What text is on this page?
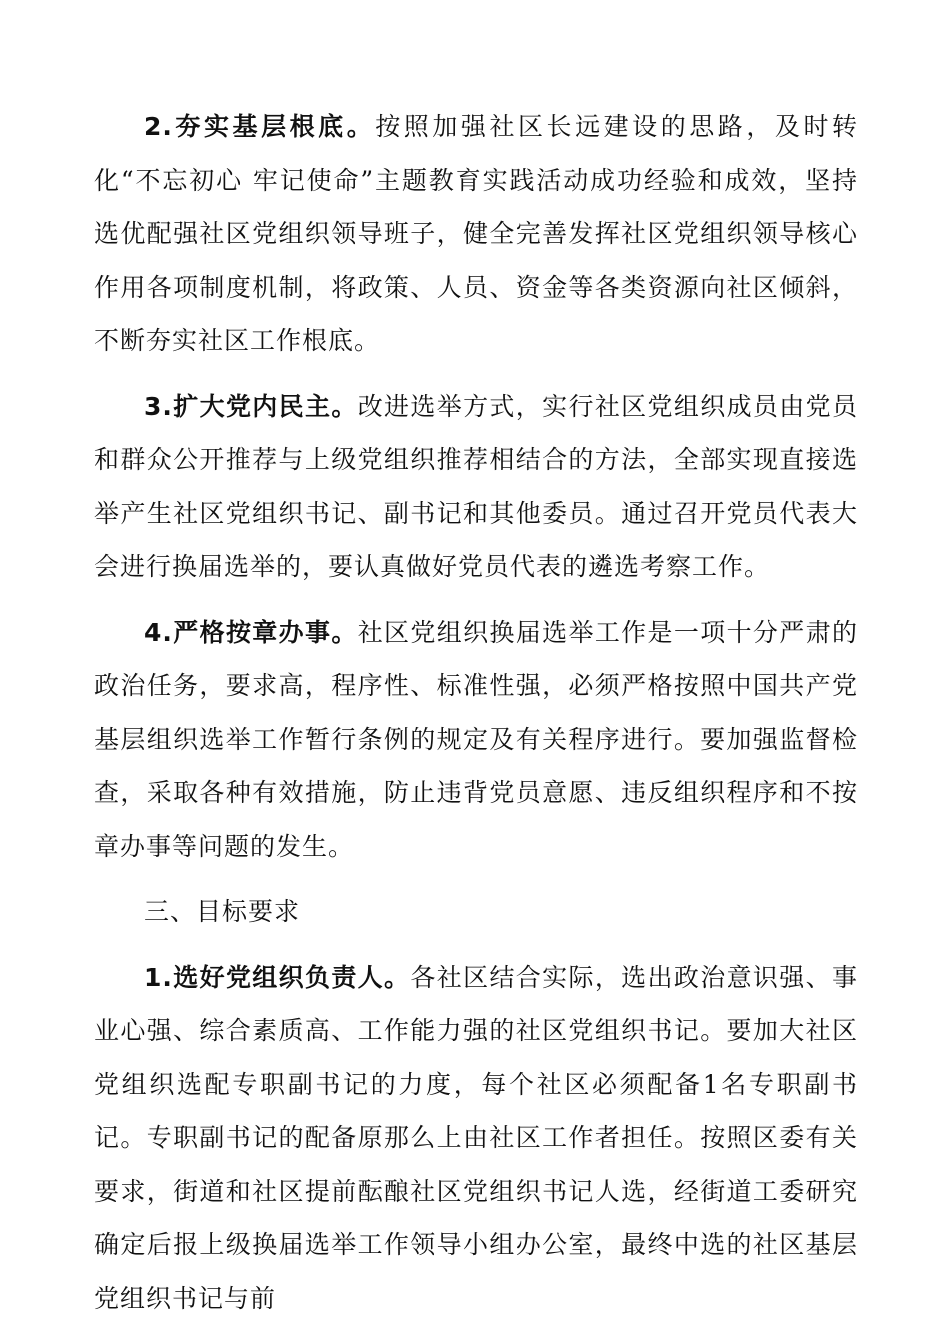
2.夯实基层根底。按照加强社区长远建设的思路，及时转化“不忘初心 牢记使命”主题教育实践活动成功经验和成效，坚持选优配强社区党组织领导班子，健全完善发挥社区党组织领导核心作用各项制度机制，将政策、人员、资金等各类资源向社区倾斜，不断夯实社区工作根底。

3.扩大党内民主。改进选举方式，实行社区党组织成员由党员和群众公开推荐与上级党组织推荐相结合的方法，全部实现直接选举产生社区党组织书记、副书记和其他委员。通过召开党员代表大会进行换届选举的，要认真做好党员代表的遴选考察工作。

4.严格按章办事。社区党组织换届选举工作是一项十分严肃的政治任务，要求高，程序性、标准性强，必须严格按照中国共产党基层组织选举工作暂行条例的规定及有关程序进行。要加强监督检查，采取各种有效措施，防止违背党员意愿、违反组织程序和不按章办事等问题的发生。

三、目标要求

1.选好党组织负责人。各社区结合实际，选出政治意识强、事业心强、综合素质高、工作能力强的社区党组织书记。要加大社区党组织选配专职副书记的力度，每个社区必须配备1名专职副书记。专职副书记的配备原那么上由社区工作者担任。按照区委有关要求，街道和社区提前酝酿社区党组织书记人选，经街道工委研究确定后报上级换届选举工作领导小组办公室，最终中选的社区基层党组织书记与前
